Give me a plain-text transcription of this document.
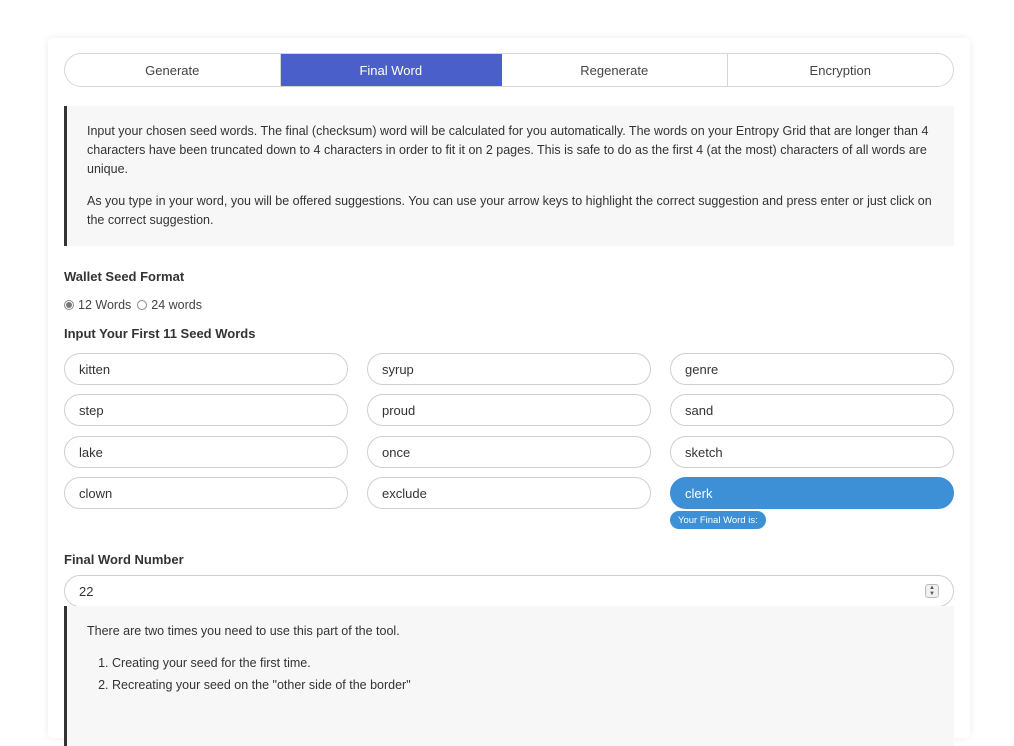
Generate	Final Word	Regenerate	Encryption

Input your chosen seed words. The final (checksum) word will be calculated for you automatically. The words on your Entropy Grid that are longer than 4 characters have been truncated down to 4 characters in order to fit it on 2 pages. This is safe to do as the first 4 (at the most) characters of all words are unique.

As you type in your word, you will be offered suggestions. You can use your arrow keys to highlight the correct suggestion and press enter or just click on the correct suggestion.

Wallet Seed Format
12 Words 24 words
Input Your First 11 Seed Words
kitten	syrup	genre
step	proud	sand
lake	once	sketch
clown	exclude	clerk
Your Final Word is:
Final Word Number
22	▲
▼

There are two times you need to use this part of the tool.

1. Creating your seed for the first time.
2. Recreating your seed on the "other side of the border"
